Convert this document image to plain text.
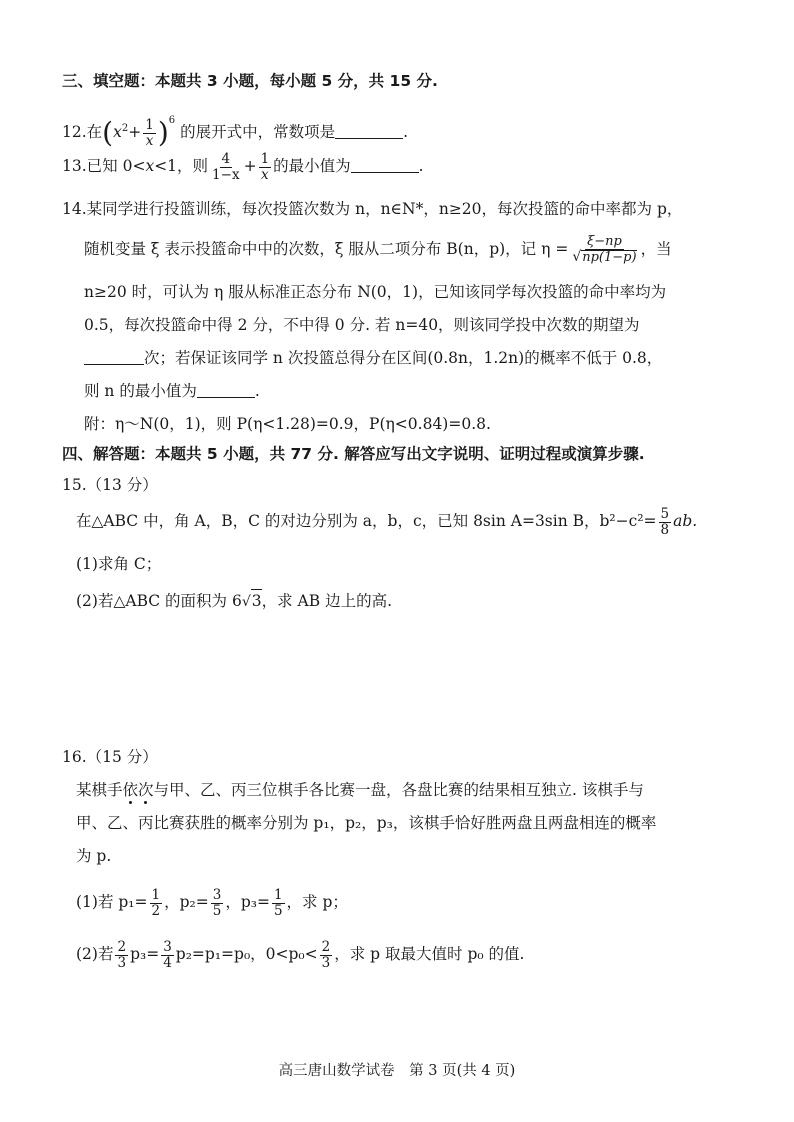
三、填空题：本题共 3 小题，每小题 5 分，共 15 分.
12.在$(x^2+ \frac{1}{x} )^6$ 的展开式中，常数项是	.
13.已知 0<x<1，则 $\frac{4}{1-x} + \frac{1}{x}$ 的最小值为	.
14.某同学进行投篮训练，每次投篮次数为 n，n∈N*，n≥20，每次投篮的命中率都为 p，
随机变量 ξ 表示投篮命中中的次数，ξ 服从二项分布 B(n，p)，记 $\eta = \frac{\xi-np}{√np(1-p)}$ ，当
n≥20 时，可认为 η 服从标准正态分布 N(0，1)，已知该同学每次投篮的命中率均为
0.5，每次投篮命中得 2 分，不中得 0 分. 若 n=40，则该同学投中次数的期望为
次；若保证该同学 n 次投篮总得分在区间(0.8n，1.2n)的概率不低于 0.8，
则 n 的最小值为	.
附：η～N(0，1)，则 P(η<1.28)=0.9，P(η<0.84)=0.8.
四、解答题：本题共 5 小题，共 77 分. 解答应写出文字说明、证明过程或演算步骤.
15.（13 分）
在△ABC 中，角 A，B，C 的对边分别为 a，b，c，已知 8sin A=3sin B，$b^2-c^2= \frac{5}{8}$ ab.
(1)求角 C；
(2)若△ABC 的面积为 6√3，求 AB 边上的高.
16.（15 分）
某棋手依次与甲、乙、丙三位棋手各比赛一盘，各盘比赛的结果相互独立. 该棋手与
甲、乙、丙比赛获胜的概率分别为 p₁，p₂，p₃，该棋手恰好胜两盘且两盘相连的概率
为 p.
(1)若 $p_1= \frac{1}{2}$ ，$p_2= \frac{3}{5}$ ，$p_3= \frac{1}{5}$ ，求 p；
(2)若 $\frac{2}{3} p_3= \frac{3}{4} p_2=p_1=p_0$，$0<p_0< \frac{2}{3}$ ，求 p 取最大值时 p₀ 的值.
高三唐山数学试卷　第 3 页(共 4 页)
